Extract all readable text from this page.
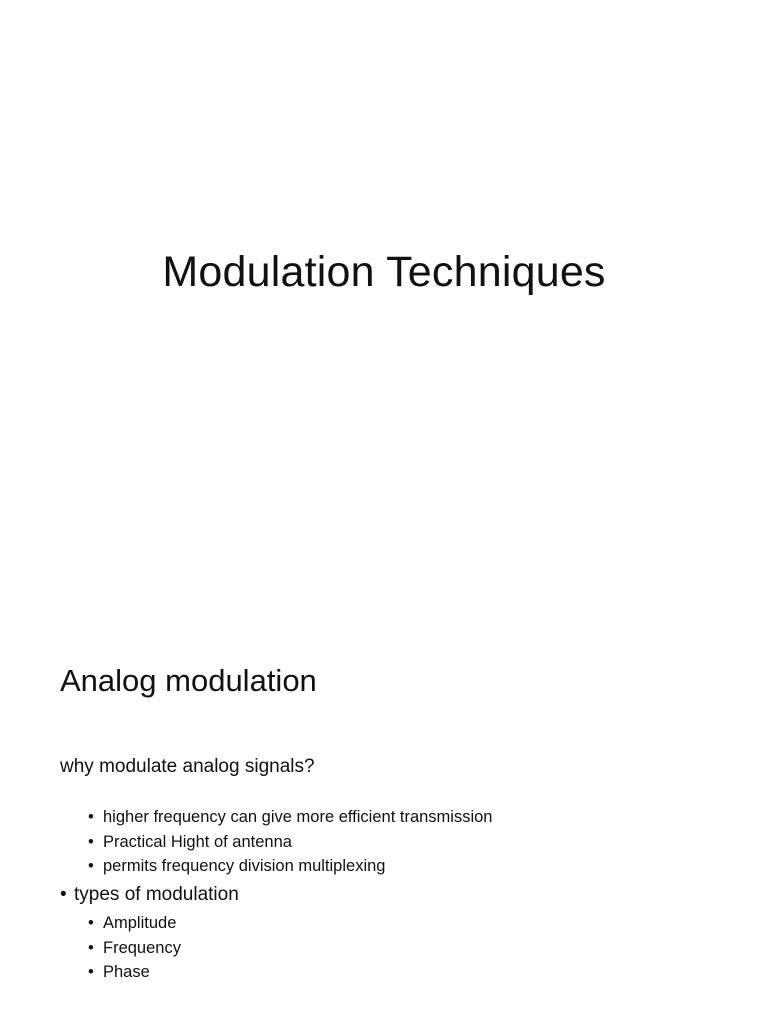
Modulation Techniques
Analog modulation

why modulate analog signals?

• higher frequency can give more efficient transmission
• Practical Hight of antenna
• permits frequency division multiplexing

• types of modulation

• Amplitude
• Frequency
• Phase
